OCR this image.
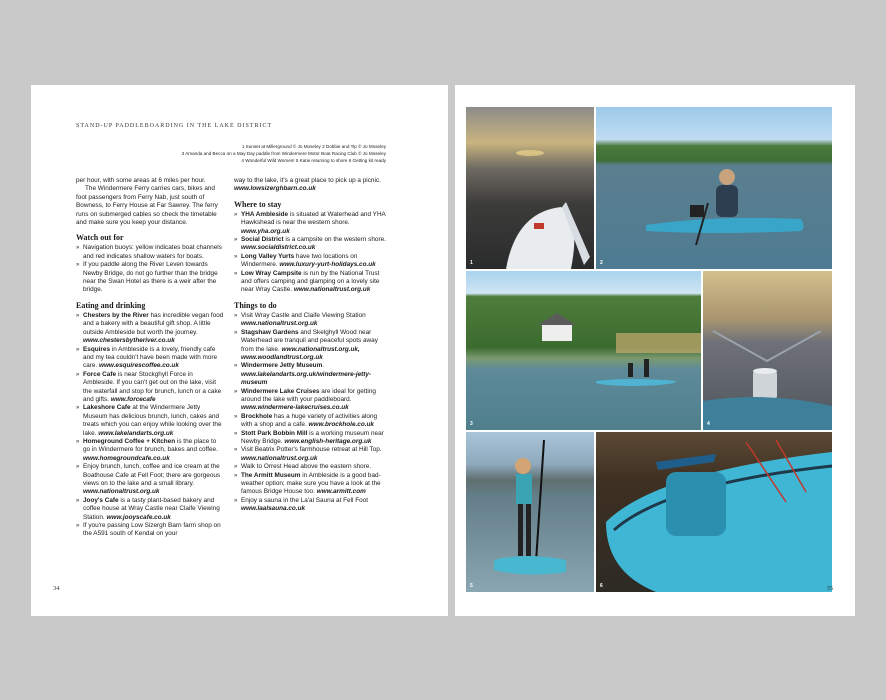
STAND-UP PADDLEBOARDING IN THE LAKE DISTRICT
1 Sunset at Millerground © Jo Moseley 2 Dobbie and Tip © Jo Moseley
3 Amanda and Becca on a May Day paddle from Windermere Motor Boat Racing Club © Jo Moseley
4 Wonderful Wild Women! 5 Katie returning to shore 6 Getting kit ready

per hour, with some areas at 6 miles per hour.

The Windermere Ferry carries cars, bikes and foot passengers from Ferry Nab, just south of Bowness, to Ferry House at Far Sawrey. The ferry runs on submerged cables so check the timetable and make sure you keep your distance.

Watch out for
» Navigation buoys: yellow indicates boat channels and red indicates shallow waters for boats.
» If you paddle along the River Leven towards Newby Bridge, do not go further than the bridge near the Swan Hotel as there is a weir after the bridge.
Eating and drinking
» Chesters by the River has incredible vegan food and a bakery with a beautiful gift shop. A little outside Ambleside but worth the journey. www.chestersbytheriver.co.uk
» Esquires in Ambleside is a lovely, friendly cafe and my tea couldn't have been made with more care. www.esquirescoffee.co.uk
» Force Cafe is near Stockghyll Force in Ambleside. If you can't get out on the lake, visit the waterfall and stop for brunch, lunch or a cake and gifts. www.forcecafe
» Lakeshore Cafe at the Windermere Jetty Museum has delicious brunch, lunch, cakes and treats which you can enjoy while looking over the lake. www.lakelandarts.org.uk
» Homeground Coffee + Kitchen is the place to go in Windermere for brunch, bakes and coffee. www.homegroundcafe.co.uk
» Enjoy brunch, lunch, coffee and ice cream at the Boathouse Cafe at Fell Foot; there are gorgeous views on to the lake and a small library. www.nationaltrust.org.uk
» Jooy's Cafe is a tasty plant-based bakery and coffee house at Wray Castle near Claife Viewing Station. www.jooyscafe.co.uk
» If you're passing Low Sizergh Barn farm shop on the A591 south of Kendal on your

way to the lake, it's a great place to pick up a picnic. www.lowsizerghbarn.co.uk

Where to stay
» YHA Ambleside is situated at Waterhead and YHA Hawkshead is near the western shore. www.yha.org.uk
» Social District is a campsite on the western shore. www.socialdistrict.co.uk
» Long Valley Yurts have two locations on Windermere. www.luxury-yurt-holidays.co.uk
» Low Wray Campsite is run by the National Trust and offers camping and glamping on a lovely site near Wray Castle. www.nationaltrust.org.uk
Things to do
» Visit Wray Castle and Claife Viewing Station www.nationaltrust.org.uk
» Stagshaw Gardens and Skelghyll Wood near Waterhead are tranquil and peaceful spots away from the lake. www.nationaltrust.org.uk, www.woodlandtrust.org.uk
» Windermere Jetty Museum. www.lakelandarts.org.uk/windermere-jetty-museum
» Windermere Lake Cruises are ideal for getting around the lake with your paddleboard. www.windermere-lakecruises.co.uk
» Brockhole has a huge variety of activities along with a shop and a cafe. www.brockhole.co.uk
» Stott Park Bobbin Mill is a working museum near Newby Bridge. www.english-heritage.org.uk
» Visit Beatrix Potter's farmhouse retreat at Hill Top. www.nationaltrust.org.uk
» Walk to Orrest Head above the eastern shore.
» The Armitt Museum in Ambleside is a good bad-weather option; make sure you have a look at the famous Bridge House too. www.armitt.com
» Enjoy a sauna in the La'al Sauna at Fell Foot www.laalsauna.co.uk
34
1	2
3	4
5	6	35
